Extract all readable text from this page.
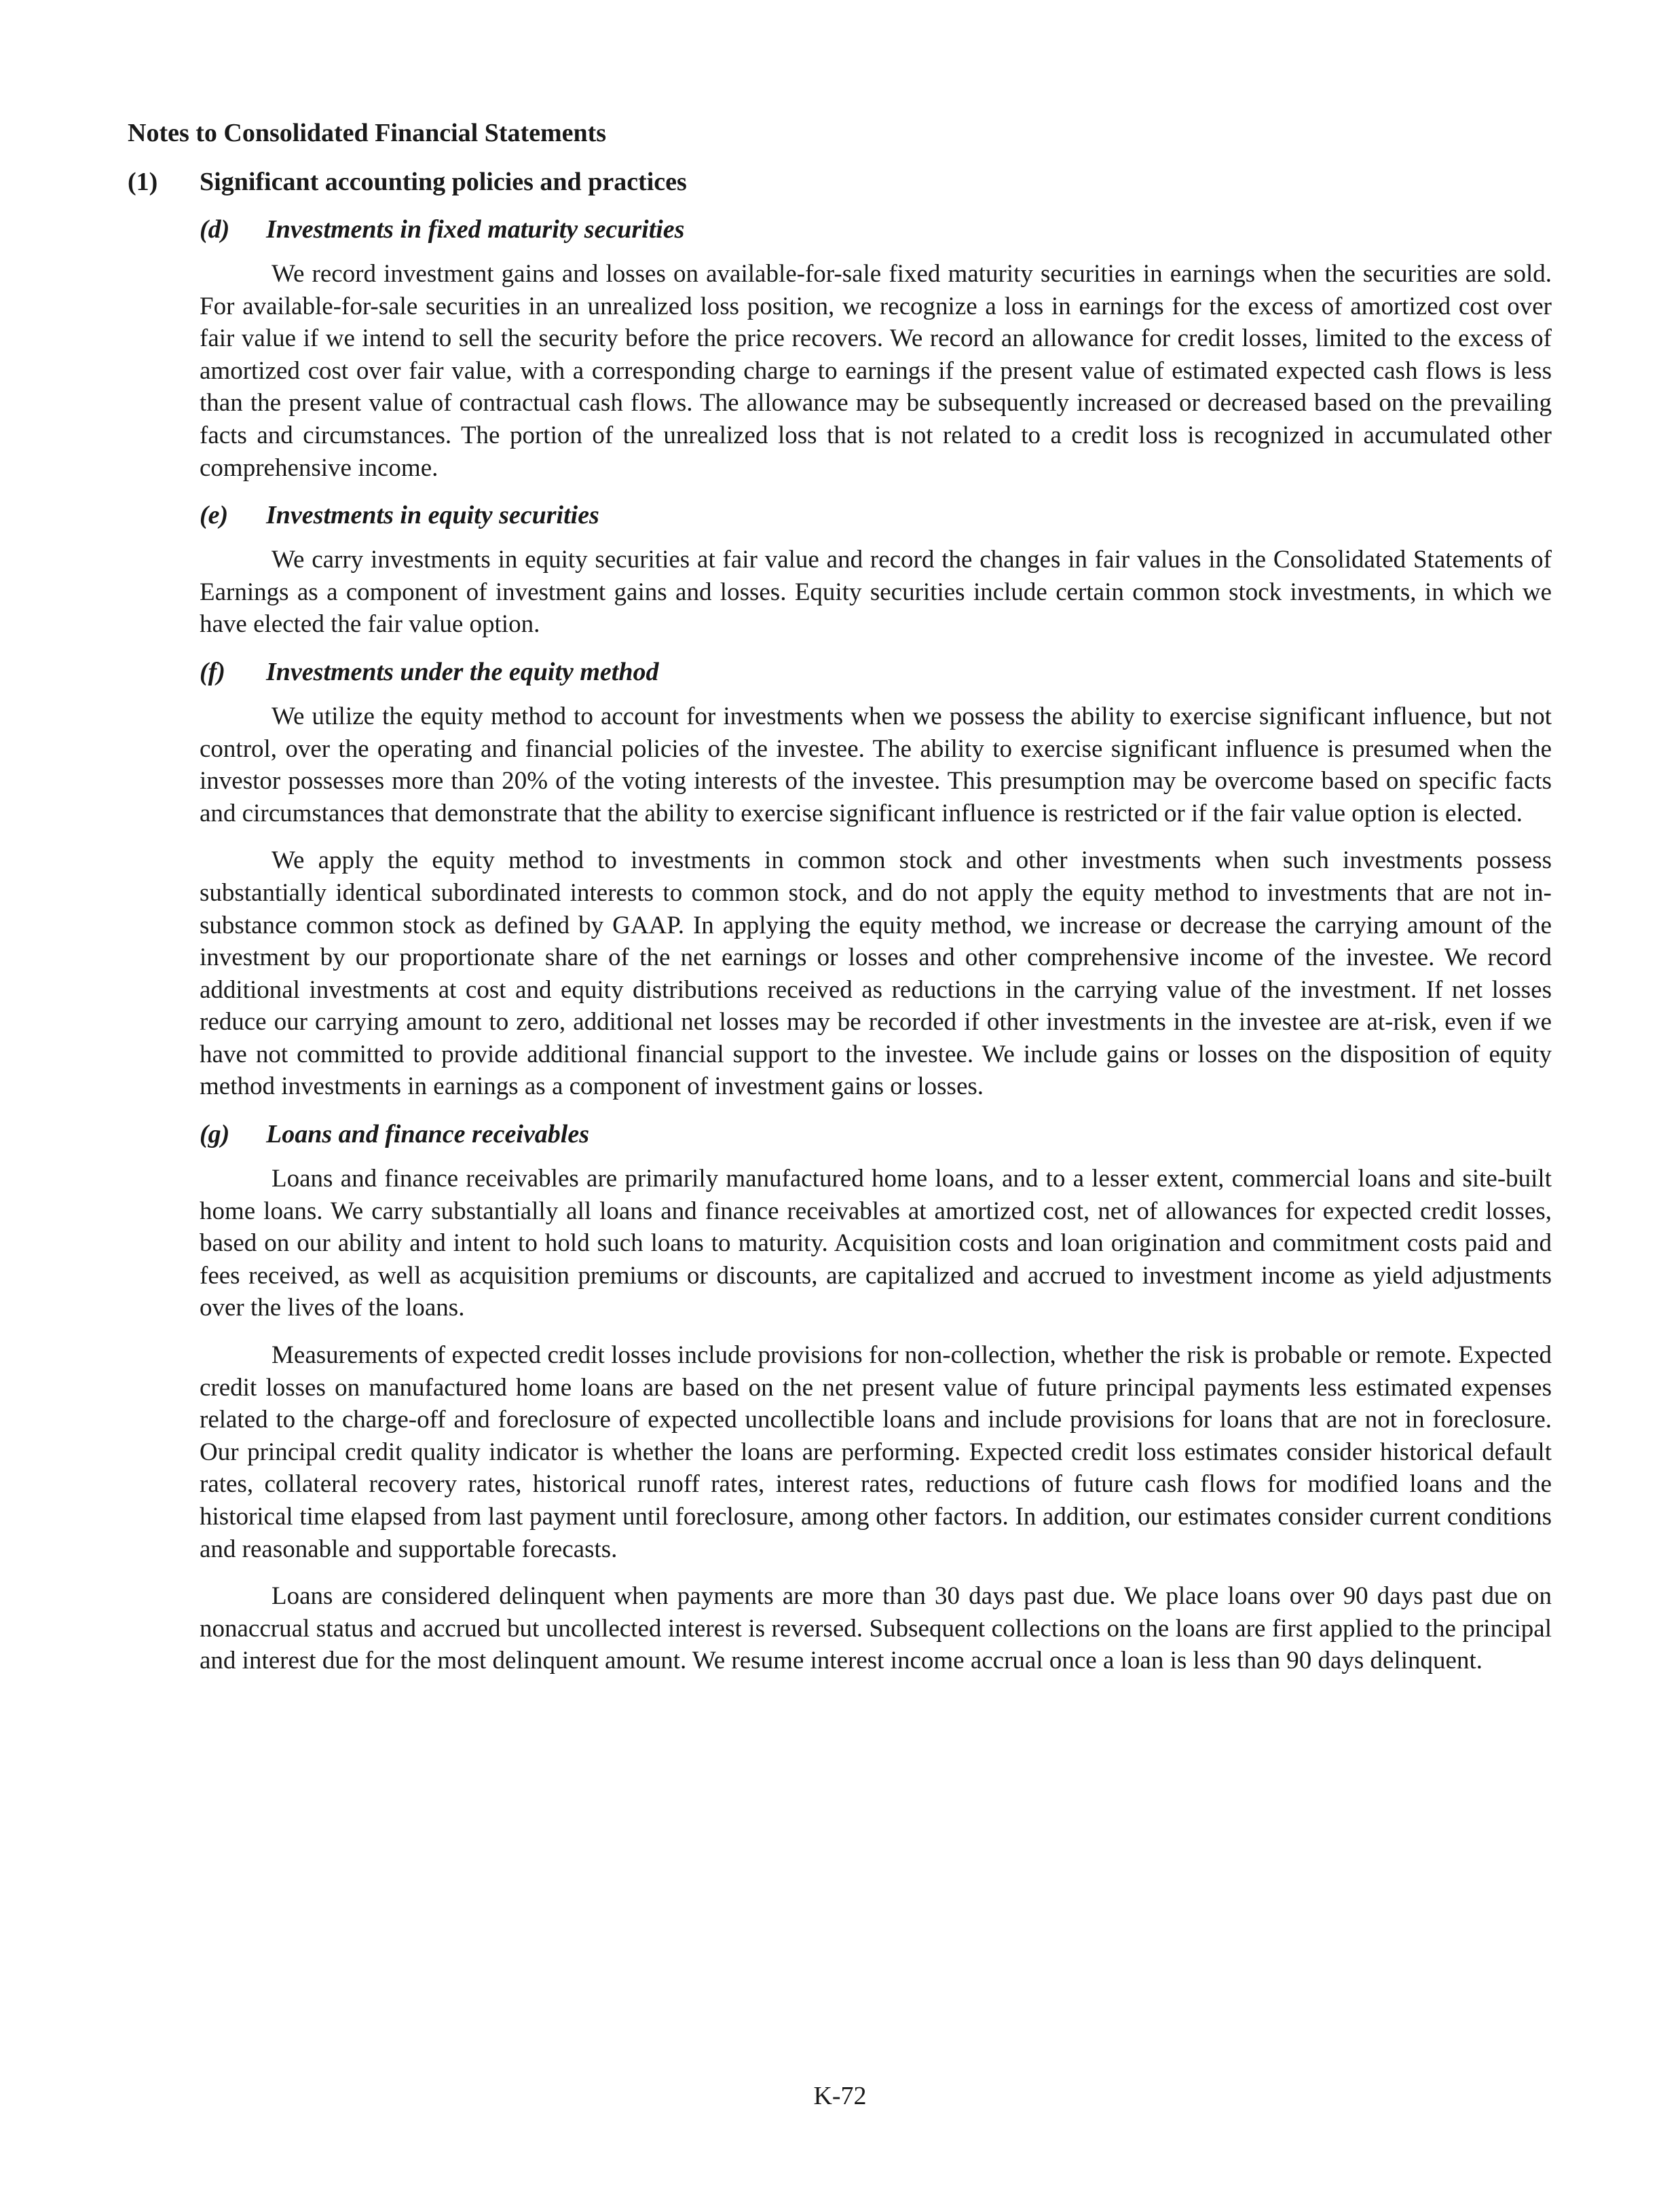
Notes to Consolidated Financial Statements
(1) Significant accounting policies and practices
(d) Investments in fixed maturity securities

We record investment gains and losses on available-for-sale fixed maturity securities in earnings when the securities are sold. For available-for-sale securities in an unrealized loss position, we recognize a loss in earnings for the excess of amortized cost over fair value if we intend to sell the security before the price recovers. We record an allowance for credit losses, limited to the excess of amortized cost over fair value, with a corresponding charge to earnings if the present value of estimated expected cash flows is less than the present value of contractual cash flows. The allowance may be subsequently increased or decreased based on the prevailing facts and circumstances. The portion of the unrealized loss that is not related to a credit loss is recognized in accumulated other comprehensive income.

(e) Investments in equity securities

We carry investments in equity securities at fair value and record the changes in fair values in the Consolidated Statements of Earnings as a component of investment gains and losses. Equity securities include certain common stock investments, in which we have elected the fair value option.

(f) Investments under the equity method

We utilize the equity method to account for investments when we possess the ability to exercise significant influence, but not control, over the operating and financial policies of the investee. The ability to exercise significant influence is presumed when the investor possesses more than 20% of the voting interests of the investee. This presumption may be overcome based on specific facts and circumstances that demonstrate that the ability to exercise significant influence is restricted or if the fair value option is elected.

We apply the equity method to investments in common stock and other investments when such investments possess substantially identical subordinated interests to common stock, and do not apply the equity method to investments that are not in-substance common stock as defined by GAAP. In applying the equity method, we increase or decrease the carrying amount of the investment by our proportionate share of the net earnings or losses and other comprehensive income of the investee. We record additional investments at cost and equity distributions received as reductions in the carrying value of the investment. If net losses reduce our carrying amount to zero, additional net losses may be recorded if other investments in the investee are at-risk, even if we have not committed to provide additional financial support to the investee. We include gains or losses on the disposition of equity method investments in earnings as a component of investment gains or losses.

(g) Loans and finance receivables

Loans and finance receivables are primarily manufactured home loans, and to a lesser extent, commercial loans and site-built home loans. We carry substantially all loans and finance receivables at amortized cost, net of allowances for expected credit losses, based on our ability and intent to hold such loans to maturity. Acquisition costs and loan origination and commitment costs paid and fees received, as well as acquisition premiums or discounts, are capitalized and accrued to investment income as yield adjustments over the lives of the loans.

Measurements of expected credit losses include provisions for non-collection, whether the risk is probable or remote. Expected credit losses on manufactured home loans are based on the net present value of future principal payments less estimated expenses related to the charge-off and foreclosure of expected uncollectible loans and include provisions for loans that are not in foreclosure. Our principal credit quality indicator is whether the loans are performing. Expected credit loss estimates consider historical default rates, collateral recovery rates, historical runoff rates, interest rates, reductions of future cash flows for modified loans and the historical time elapsed from last payment until foreclosure, among other factors. In addition, our estimates consider current conditions and reasonable and supportable forecasts.

Loans are considered delinquent when payments are more than 30 days past due. We place loans over 90 days past due on nonaccrual status and accrued but uncollected interest is reversed. Subsequent collections on the loans are first applied to the principal and interest due for the most delinquent amount. We resume interest income accrual once a loan is less than 90 days delinquent.

K-72
